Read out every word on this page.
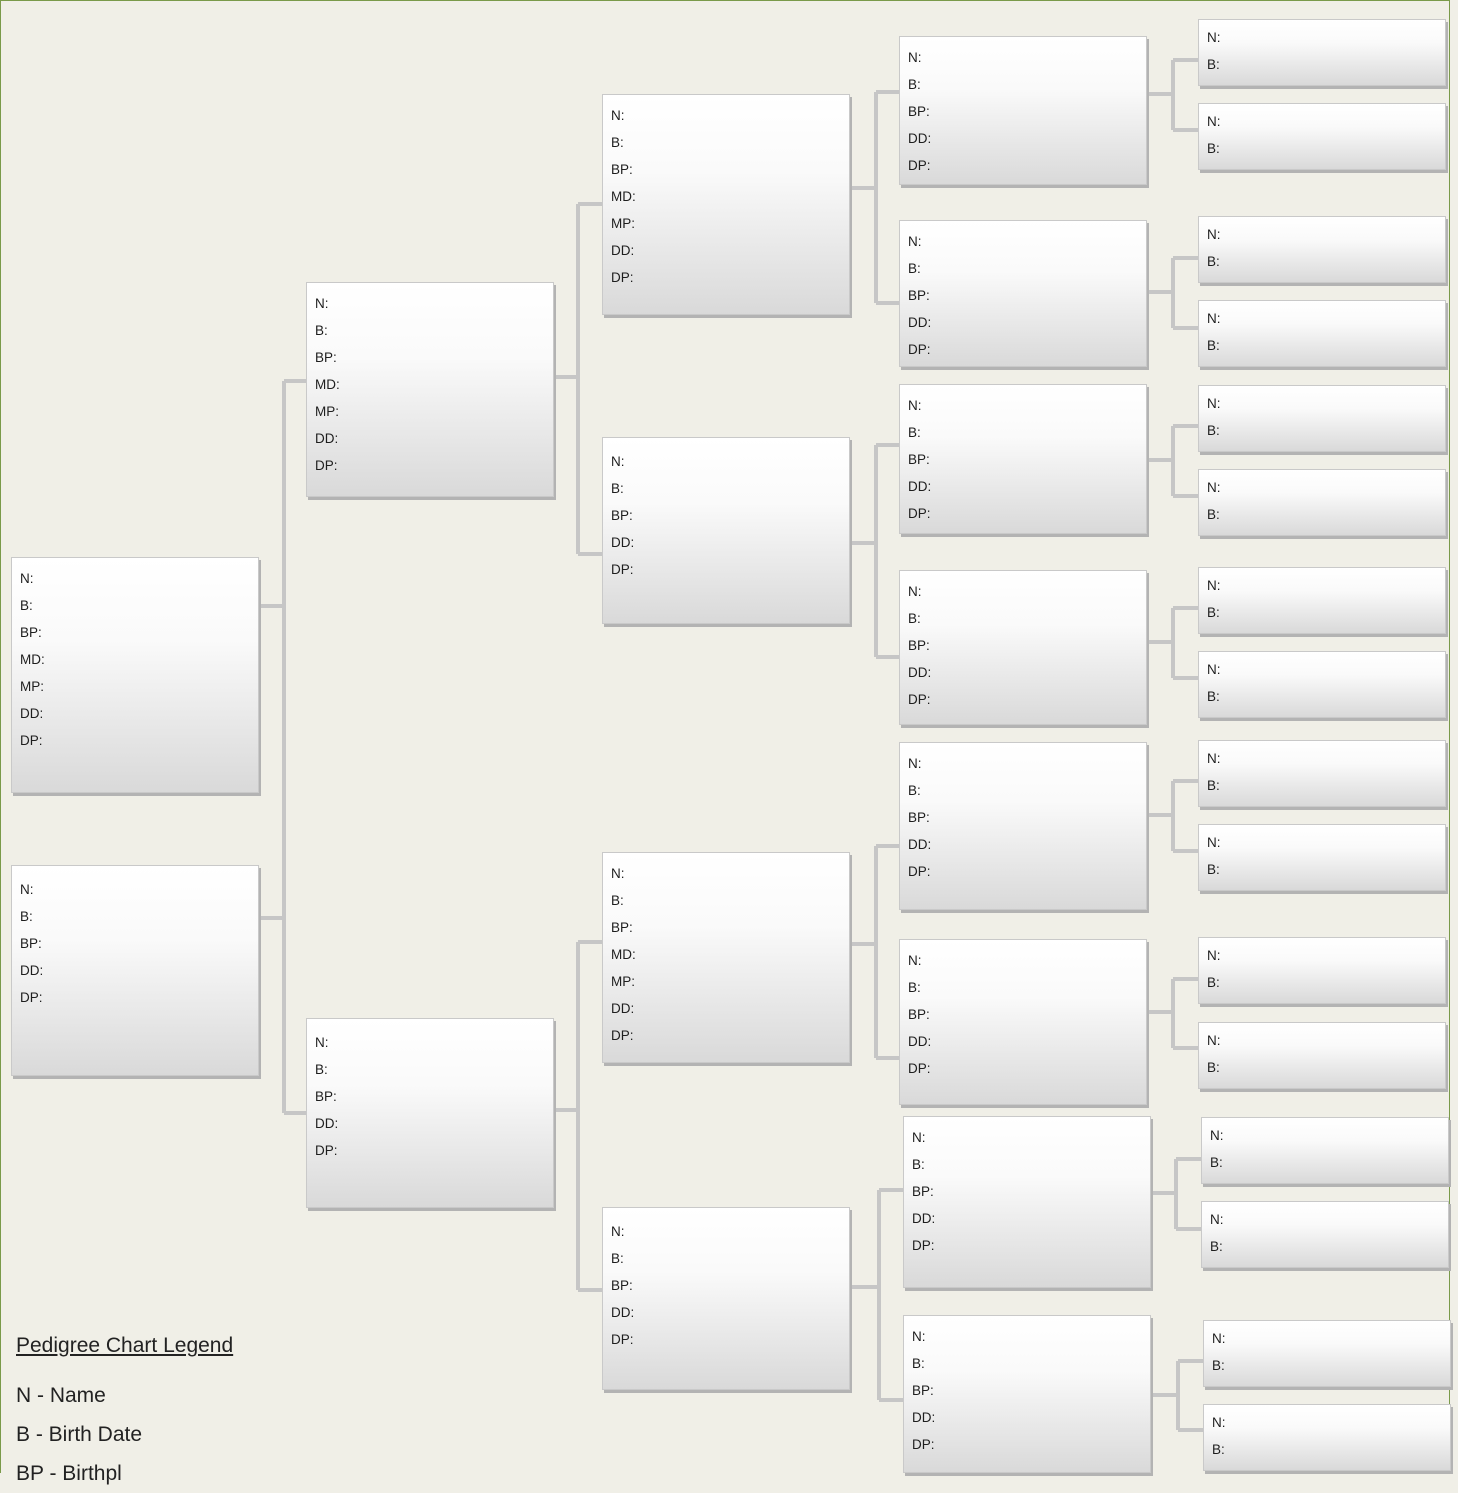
N:
B:
BP:
MD:
MP:
DD:
DP:
N:
B:
BP:
DD:
DP:
N:
B:
BP:
MD:
MP:
DD:
DP:
N:
B:
BP:
DD:
DP:
N:
B:
BP:
MD:
MP:
DD:
DP:
N:
B:
BP:
DD:
DP:
N:
B:
BP:
MD:
MP:
DD:
DP:
N:
B:
BP:
DD:
DP:
N:
B:
BP:
DD:
DP:
N:
B:
BP:
DD:
DP:
N:
B:
BP:
DD:
DP:
N:
B:
BP:
DD:
DP:
N:
B:
BP:
DD:
DP:
N:
B:
BP:
DD:
DP:
N:
B:
BP:
DD:
DP:
N:
B:
BP:
DD:
DP:
N:
B:
N:
B:
N:
B:
N:
B:
N:
B:
N:
B:
N:
B:
N:
B:
N:
B:
N:
B:
N:
B:
N:
B:
N:
B:
N:
B:
N:
B:
N:
B:
Pedigree Chart Legend
N - Name
B - Birth Date
BP - Birthpl
